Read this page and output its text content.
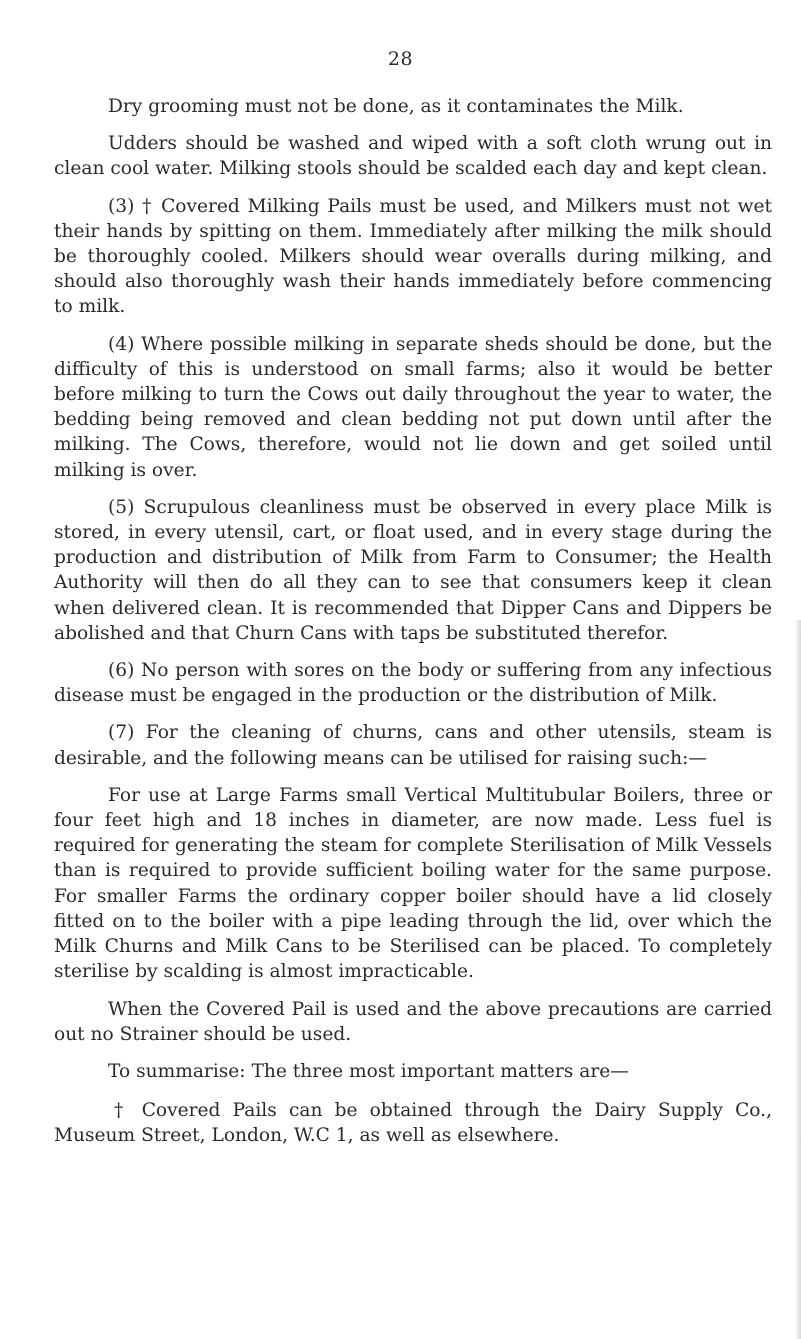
28

Dry grooming must not be done, as it contaminates the Milk.

Udders should be washed and wiped with a soft cloth wrung out in clean cool water. Milking stools should be scalded each day and kept clean.

(3) † Covered Milking Pails must be used, and Milkers must not wet their hands by spitting on them. Immediately after milking the milk should be thoroughly cooled. Milkers should wear overalls during milking, and should also thoroughly wash their hands immediately before commencing to milk.

(4) Where possible milking in separate sheds should be done, but the difficulty of this is understood on small farms; also it would be better before milking to turn the Cows out daily throughout the year to water, the bedding being removed and clean bedding not put down until after the milking. The Cows, therefore, would not lie down and get soiled until milking is over.

(5) Scrupulous cleanliness must be observed in every place Milk is stored, in every utensil, cart, or float used, and in every stage during the production and distribution of Milk from Farm to Consumer; the Health Authority will then do all they can to see that consumers keep it clean when delivered clean. It is recommended that Dipper Cans and Dippers be abolished and that Churn Cans with taps be substituted therefor.

(6) No person with sores on the body or suffering from any infectious disease must be engaged in the production or the distribution of Milk.

(7) For the cleaning of churns, cans and other utensils, steam is desirable, and the following means can be utilised for raising such:—

For use at Large Farms small Vertical Multitubular Boilers, three or four feet high and 18 inches in diameter, are now made. Less fuel is required for generating the steam for complete Sterilisation of Milk Vessels than is required to provide sufficient boiling water for the same purpose. For smaller Farms the ordinary copper boiler should have a lid closely fitted on to the boiler with a pipe leading through the lid, over which the Milk Churns and Milk Cans to be Sterilised can be placed. To completely sterilise by scalding is almost impracticable.

When the Covered Pail is used and the above precautions are carried out no Strainer should be used.

To summarise: The three most important matters are—

† Covered Pails can be obtained through the Dairy Supply Co., Museum Street, London, W.C 1, as well as elsewhere.
